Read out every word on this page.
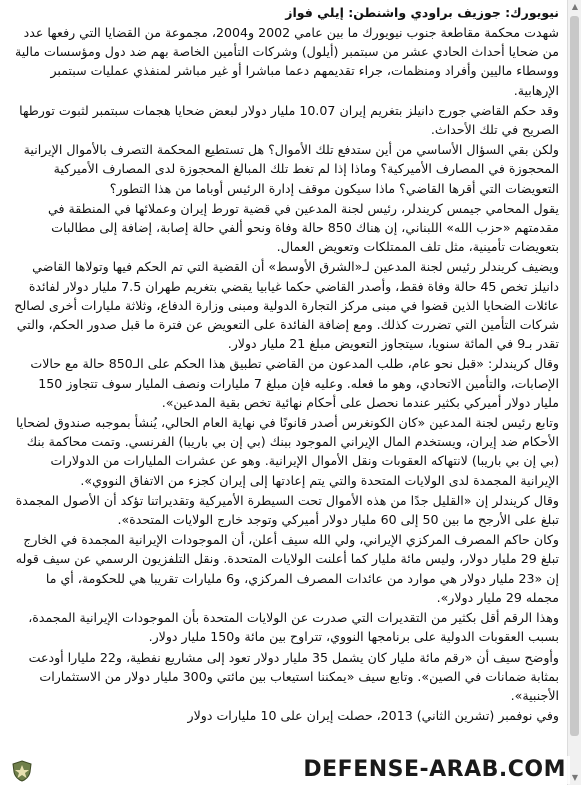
نيويورك: جوزيف براودي واشنطن: إيلي فواز

شهدت محكمة مقاطعة جنوب نيويورك ما بين عامي 2002 و2004، مجموعة من القضايا التي رفعها عدد من ضحايا أحداث الحادي عشر من سبتمبر (أيلول) وشركات التأمين الخاصة بهم ضد دول ومؤسسات مالية ووسطاء ماليين وأفراد ومنظمات، جراء تقديمهم دعما مباشرا أو غير مباشر لمنفذي عمليات سبتمبر الإرهابية.

وقد حكم القاضي جورج دانيلز بتغريم إيران 10.07 مليار دولار لبعض ضحايا هجمات سبتمبر لثبوت تورطها الصريح في تلك الأحداث.

ولكن بقي السؤال الأساسي من أين ستدفع تلك الأموال؟ هل تستطيع المحكمة التصرف بالأموال الإيرانية المحجوزة في المصارف الأميركية؟ وماذا إذا لم تغط تلك المبالغ المحجوزة لدى المصارف الأميركية التعويضات التي أقرها القاضي؟ ماذا سيكون موقف إدارة الرئيس أوباما من هذا التطور؟

يقول المحامي جيمس كريندلر، رئيس لجنة المدعين في قضية تورط إيران وعملائها في المنطقة في مقدمتهم «حزب الله» اللبناني، إن هناك 850 حالة وفاة ونحو ألفي حالة إصابة، إضافة إلى مطالبات بتعويضات تأمينية، مثل تلف الممتلكات وتعويض العمال.

ويضيف كريندلر رئيس لجنة المدعين لـ«الشرق الأوسط» أن القضية التي تم الحكم فيها وتولاها القاضي دانيلز تخص 45 حالة وفاة فقط، وأصدر القاضي حكما غيابيا يقضي بتغريم طهران 7.5 مليار دولار لفائدة عائلات الضحايا الذين قضوا في مبنى مركز التجارة الدولية ومبنى وزارة الدفاع، وثلاثة مليارات أخرى لصالح شركات التأمين التي تضررت كذلك. ومع إضافة الفائدة على التعويض عن فترة ما قبل صدور الحكم، والتي تقدر بـ9 في المائة سنويا، سيتجاوز التعويض مبلغ 21 مليار دولار.

وقال كريندلر: «قبل نحو عام، طلب المدعون من القاضي تطبيق هذا الحكم على الـ850 حالة مع حالات الإصابات، والتأمين الاتحادي، وهو ما فعله. وعليه فإن مبلغ 7 مليارات ونصف المليار سوف تتجاوز 150 مليار دولار أميركي بكثير عندما نحصل على أحكام نهائية تخص بقية المدعين».

وتابع رئيس لجنة المدعين «كان الكونغرس أصدر قانونًا في نهاية العام الحالي، يُنشأ بموجبه صندوق لضحايا الأحكام ضد إيران، ويستخدم المال الإيراني الموجود ببنك (بي إن بي باريبا) الفرنسي. وتمت محاكمة بنك (بي إن بي باريبا) لانتهاكه العقوبات ونقل الأموال الإيرانية. وهو عن عشرات المليارات من الدولارات الإيرانية المجمدة لدى الولايات المتحدة والتي يتم إعادتها إلى إيران كجزء من الاتفاق النووي».

وقال كريندلر إن «القليل جدًا من هذه الأموال تحت السيطرة الأميركية وتقديراتنا تؤكد أن الأصول المجمدة تبلغ على الأرجح ما بين 50 إلى 60 مليار دولار أميركي وتوجد خارج الولايات المتحدة».

وكان حاكم المصرف المركزي الإيراني، ولي الله سيف أعلن، أن الموجودات الإيرانية المجمدة في الخارج تبلغ 29 مليار دولار، وليس مائة مليار كما أعلنت الولايات المتحدة. ونقل التلفزيون الرسمي عن سيف قوله إن «23 مليار دولار هي موارد من عائدات المصرف المركزي، و6 مليارات تقريبا هي للحكومة، أي ما مجمله 29 مليار دولار».

وهذا الرقم أقل بكثير من التقديرات التي صدرت عن الولايات المتحدة بأن الموجودات الإيرانية المجمدة، بسبب العقوبات الدولية على برنامجها النووي، تتراوح بين مائة و150 مليار دولار.

وأوضح سيف أن «رقم مائة مليار كان يشمل 35 مليار دولار تعود إلى مشاريع نفطية، و22 مليارا أودعت بمثابة ضمانات في الصين». وتابع سيف «يمكننا استيعاب بين مائتي و300 مليار دولار من الاستثمارات الأجنبية».

وفي نوفمبر (تشرين الثاني) 2013، حصلت إيران على 10 مليارات دولار

▲
▼
DEFENSE-ARAB.COM
